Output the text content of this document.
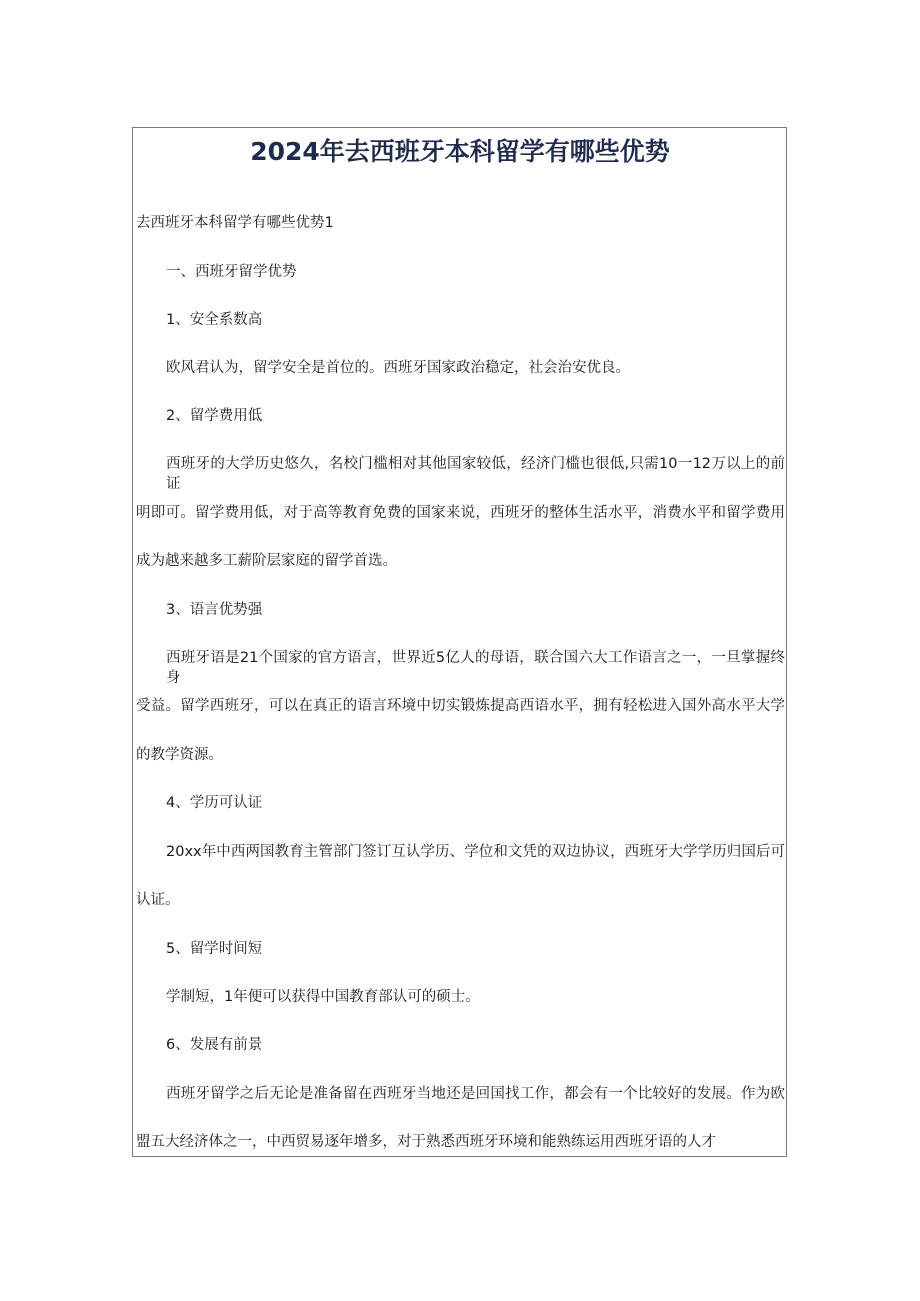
2024年去西班牙本科留学有哪些优势

去西班牙本科留学有哪些优势1

一、西班牙留学优势

1、安全系数高

欧风君认为，留学安全是首位的。西班牙国家政治稳定，社会治安优良。

2、留学费用低

西班牙的大学历史悠久，名校门槛相对其他国家较低，经济门槛也很低,只需10一12万以上的前证

明即可。留学费用低，对于高等教育免费的国家来说，西班牙的整体生活水平，消费水平和留学费用

成为越来越多工薪阶层家庭的留学首选。

3、语言优势强

西班牙语是21个国家的官方语言，世界近5亿人的母语，联合国六大工作语言之一，一旦掌握终身

受益。留学西班牙，可以在真正的语言环境中切实锻炼提高西语水平，拥有轻松进入国外高水平大学

的教学资源。

4、学历可认证

20xx年中西两国教育主管部门签订互认学历、学位和文凭的双边协议，西班牙大学学历归国后可

认证。

5、留学时间短

学制短，1年便可以获得中国教育部认可的硕士。

6、发展有前景

西班牙留学之后无论是准备留在西班牙当地还是回国找工作，都会有一个比较好的发展。作为欧

盟五大经济体之一，中西贸易逐年增多，对于熟悉西班牙环境和能熟练运用西班牙语的人才
